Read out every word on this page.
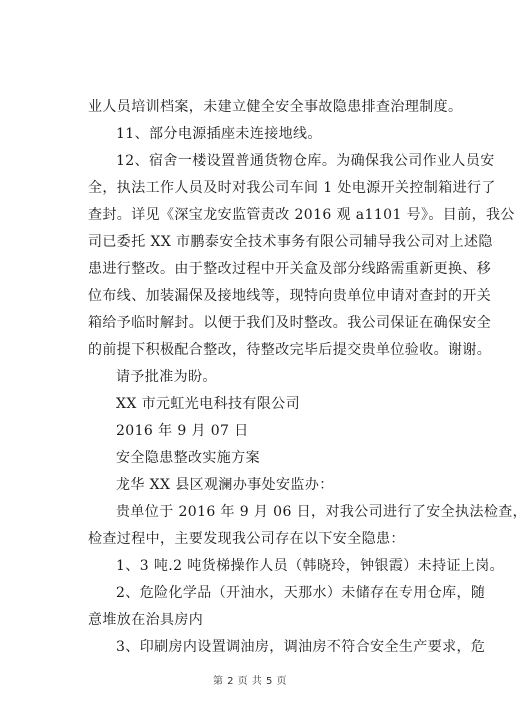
业人员培训档案，未建立健全安全事故隐患排查治理制度。
11、部分电源插座未连接地线。
12、宿舍一楼设置普通货物仓库。为确保我公司作业人员安
全，执法工作人员及时对我公司车间 1 处电源开关控制箱进行了
查封。详见《深宝龙安监管责改 2016 观 a1101 号》。目前，我公
司已委托 XX 市鹏泰安全技术事务有限公司辅导我公司对上述隐
患进行整改。由于整改过程中开关盒及部分线路需重新更换、移
位布线、加装漏保及接地线等，现特向贵单位申请对查封的开关
箱给予临时解封。以便于我们及时整改。我公司保证在确保安全
的前提下积极配合整改，待整改完毕后提交贵单位验收。谢谢。
请予批准为盼。
XX 市元虹光电科技有限公司
2016 年 9 月 07 日
安全隐患整改实施方案
龙华 XX 县区观澜办事处安监办：
贵单位于 2016 年 9 月 06 日，对我公司进行了安全执法检查，
检查过程中，主要发现我公司存在以下安全隐患：
1、3 吨.2 吨货梯操作人员（韩晓玲，钟银霞）未持证上岗。
2、危险化学品（开油水，天那水）未储存在专用仓库，随
意堆放在治具房内
3、印刷房内设置调油房，调油房不符合安全生产要求，危
第 2 页 共 5 页
